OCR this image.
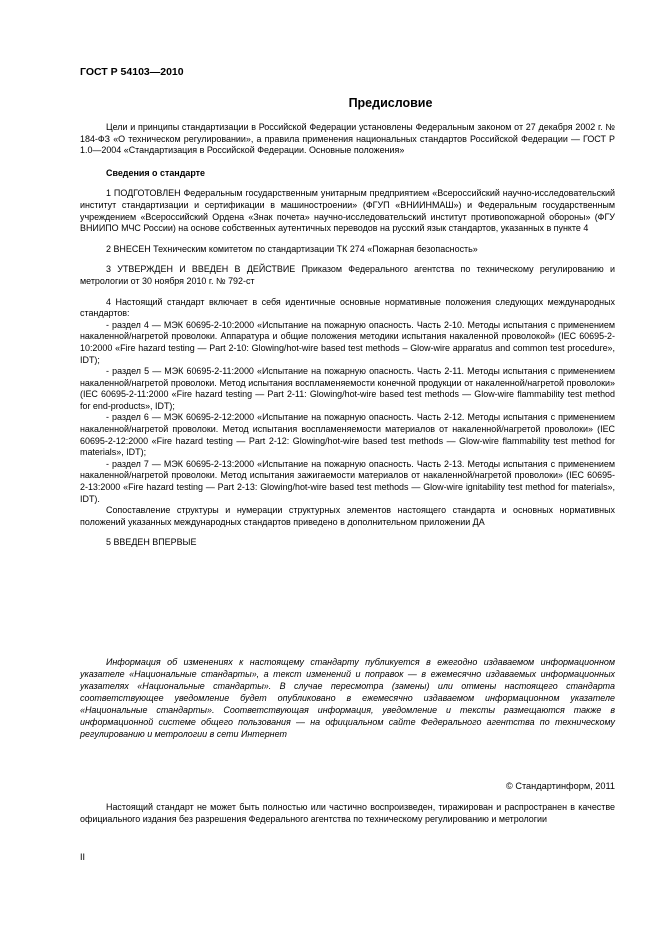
ГОСТ Р 54103—2010
Предисловие

Цели и принципы стандартизации в Российской Федерации установлены Федеральным законом от 27 декабря 2002 г. № 184-ФЗ «О техническом регулировании», а правила применения национальных стандартов Российской Федерации — ГОСТ Р 1.0—2004 «Стандартизация в Российской Федерации. Основные положения»

Сведения о стандарте

1 ПОДГОТОВЛЕН Федеральным государственным унитарным предприятием «Всероссийский научно-исследовательский институт стандартизации и сертификации в машиностроении» (ФГУП «ВНИИНМАШ») и Федеральным государственным учреждением «Всероссийский Ордена «Знак почета» научно-исследовательский институт противопожарной обороны» (ФГУ ВНИИПО МЧС России) на основе собственных аутентичных переводов на русский язык стандартов, указанных в пункте 4

2 ВНЕСЕН Техническим комитетом по стандартизации ТК 274 «Пожарная безопасность»

3 УТВЕРЖДЕН И ВВЕДЕН В ДЕЙСТВИЕ Приказом Федерального агентства по техническому регулированию и метрологии от 30 ноября 2010 г. № 792-ст

4 Настоящий стандарт включает в себя идентичные основные нормативные положения следующих международных стандартов:

- раздел 4 — МЭК 60695-2-10:2000 «Испытание на пожарную опасность. Часть 2-10. Методы испытания с применением накаленной/нагретой проволоки. Аппаратура и общие положения методики испытания накаленной проволокой» (IEC 60695-2-10:2000 «Fire hazard testing — Part 2-10: Glowing/hot-wire based test methods – Glow-wire apparatus and common test procedure», IDT);

- раздел 5 — МЭК 60695-2-11:2000 «Испытание на пожарную опасность. Часть 2-11. Методы испытания с применением накаленной/нагретой проволоки. Метод испытания воспламеняемости конечной продукции от накаленной/нагретой проволоки» (IEC 60695-2-11:2000 «Fire hazard testing — Part 2-11: Glowing/hot-wire based test methods — Glow-wire flammability test method for end-products», IDT);

- раздел 6 — МЭК 60695-2-12:2000 «Испытание на пожарную опасность. Часть 2-12. Методы испытания с применением накаленной/нагретой проволоки. Метод испытания воспламеняемости материалов от накаленной/нагретой проволоки» (IEC 60695-2-12:2000 «Fire hazard testing — Part 2-12: Glowing/hot-wire based test methods — Glow-wire flammability test method for materials», IDT);

- раздел 7 — МЭК 60695-2-13:2000 «Испытание на пожарную опасность. Часть 2-13. Методы испытания с применением накаленной/нагретой проволоки. Метод испытания зажигаемости материалов от накаленной/нагретой проволоки» (IEC 60695-2-13:2000 «Fire hazard testing — Part 2-13: Glowing/hot-wire based test methods — Glow-wire ignitability test method for materials», IDT).

Сопоставление структуры и нумерации структурных элементов настоящего стандарта и основных нормативных положений указанных международных стандартов приведено в дополнительном приложении ДА

5 ВВЕДЕН ВПЕРВЫЕ

Информация об изменениях к настоящему стандарту публикуется в ежегодно издаваемом информационном указателе «Национальные стандарты», а текст изменений и поправок — в ежемесячно издаваемых информационных указателях «Национальные стандарты». В случае пересмотра (замены) или отмены настоящего стандарта соответствующее уведомление будет опубликовано в ежемесячно издаваемом информационном указателе «Национальные стандарты». Соответствующая информация, уведомление и тексты размещаются также в информационной системе общего пользования — на официальном сайте Федерального агентства по техническому регулированию и метрологии в сети Интернет

© Стандартинформ, 2011

Настоящий стандарт не может быть полностью или частично воспроизведен, тиражирован и распространен в качестве официального издания без разрешения Федерального агентства по техническому регулированию и метрологии

II
